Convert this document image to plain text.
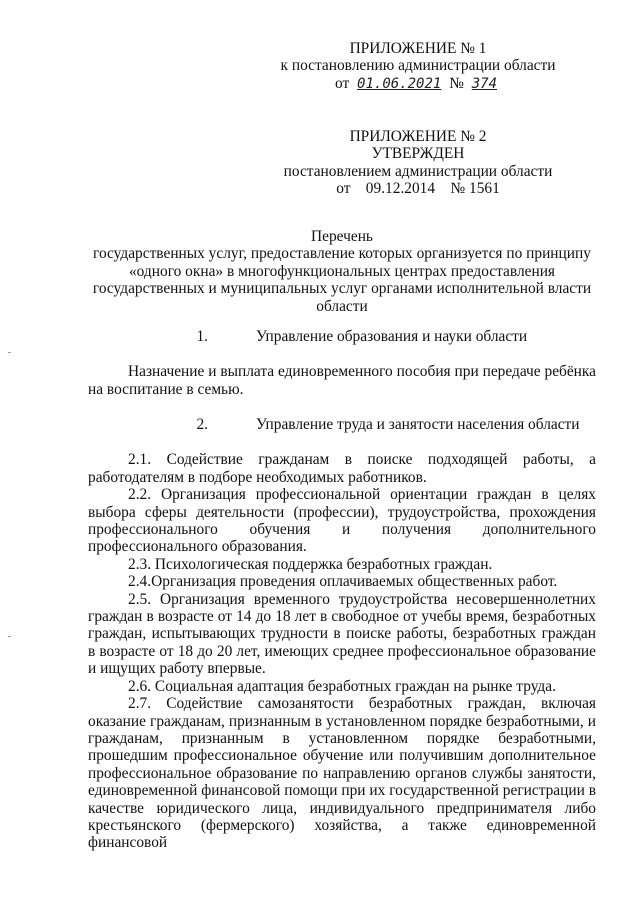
ПРИЛОЖЕНИЕ № 1
к постановлению администрации области
от 01.06.2021 № 374
ПРИЛОЖЕНИЕ № 2
УТВЕРЖДЕН
постановлением администрации области
от    09.12.2014    № 1561
Перечень
государственных услуг, предоставление которых организуется по принципу
«одного окна» в многофункциональных центрах предоставления
государственных и муниципальных услуг органами исполнительной власти
области
1.	Управление образования и науки области

Назначение и выплата единовременного пособия при передаче ребёнка на воспитание в семью.

2.	Управление труда и занятости населения области

2.1. Содействие гражданам в поиске подходящей работы, а работодателям в подборе необходимых работников.

2.2. Организация профессиональной ориентации граждан в целях выбора сферы деятельности (профессии), трудоустройства, прохождения профессионального обучения и получения дополнительного профессионального образования.

2.3. Психологическая поддержка безработных граждан.

2.4.Организация проведения оплачиваемых общественных работ.

2.5. Организация временного трудоустройства несовершеннолетних граждан в возрасте от 14 до 18 лет в свободное от учебы время, безработных граждан, испытывающих трудности в поиске работы, безработных граждан в возрасте от 18 до 20 лет, имеющих среднее профессиональное образование и ищущих работу впервые.

2.6. Социальная адаптация безработных граждан на рынке труда.

2.7. Содействие самозанятости безработных граждан, включая оказание гражданам, признанным в установленном порядке безработными, и гражданам, признанным в установленном порядке безработными, прошедшим профессиональное обучение или получившим дополнительное профессиональное образование по направлению органов службы занятости, единовременной финансовой помощи при их государственной регистрации в качестве юридического лица, индивидуального предпринимателя либо крестьянского (фермерского) хозяйства, а также единовременной финансовой
